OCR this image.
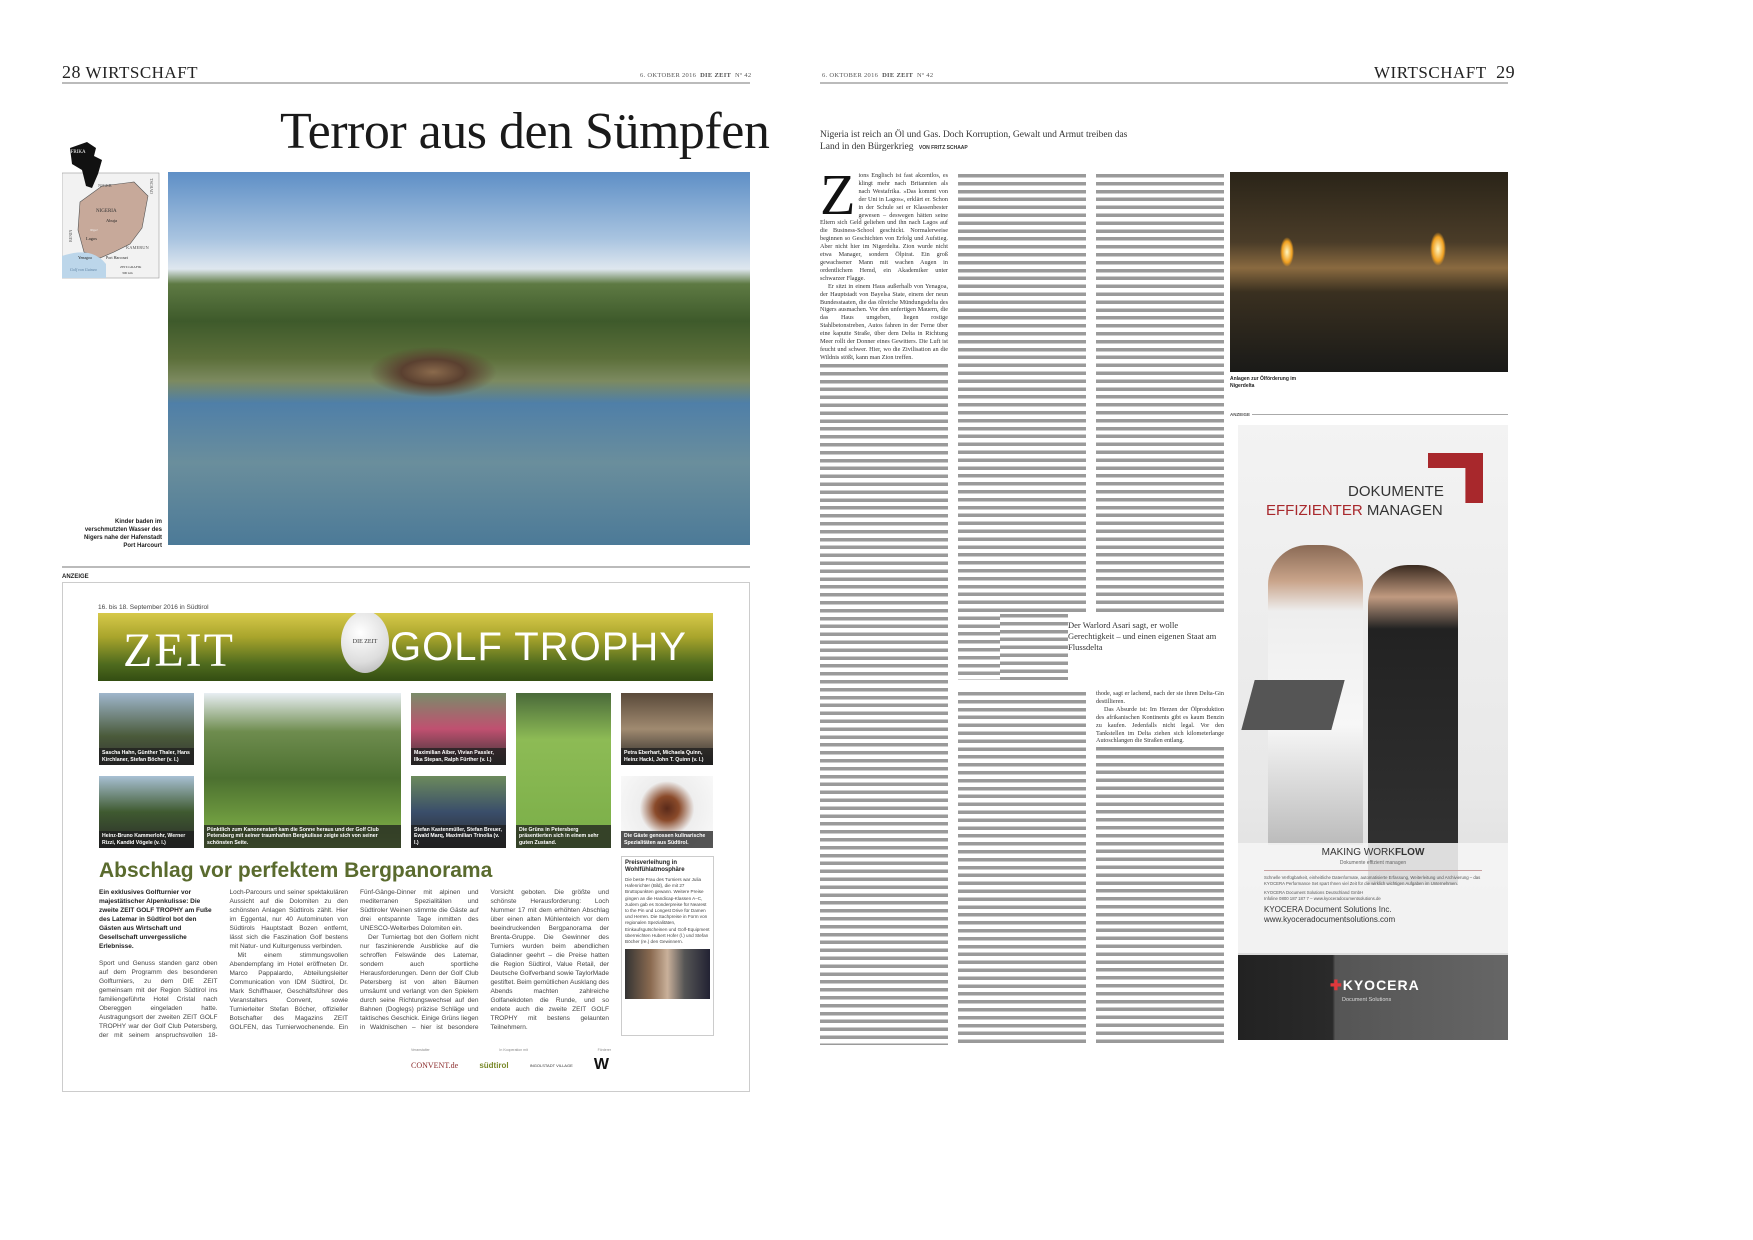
28 WIRTSCHAFT	6. OKTOBER 2016 DIE ZEIT Nº 42
Terror aus den Sümpfen
AFRIKA
NIGER	TSCHAD
BENIN
NIGERIA
Abuja
Niger
Lagos
KAMERUN
Yenagoa	Port Harcourt
Golf von Guinea	ZEIT-GRAFIK
300 km
Kinder baden im verschmutzten Wasser des Nigers nahe der Hafenstadt Port Harcourt
ANZEIGE
16. bis 18. September 2016 in Südtirol
ZEIT	DIE ZEIT GOLF TROPHY
Sascha Hahn, Günther Thaler, Hans Kirchlaner, Stefan Böcher (v. l.)
Heinz-Bruno Kammerlohr, Werner Rizzi, Kandid Vögele (v. l.)
Pünktlich zum Kanonenstart kam die Sonne heraus und der Golf Club Petersberg mit seiner traumhaften Bergkulisse zeigte sich von seiner schönsten Seite.
Maximilian Aiber, Vivian Passler, Ilka Stepan, Ralph Fürther (v. l.)
Stefan Kastenmüller, Stefan Breuer, Ewald Marq, Maximilian Trinolia (v. l.)
Die Grüns in Petersberg präsentierten sich in einem sehr guten Zustand.
Petra Eberhart, Michaela Quinn, Heinz Hackl, John T. Quinn (v. l.)
Die Gäste genossen kulinarische Spezialitäten aus Südtirol.
Abschlag vor perfektem Bergpanorama

Ein exklusives Golfturnier vor majestätischer Alpenkulisse: Die zweite ZEIT GOLF TROPHY am Fuße des Latemar in Südtirol bot den Gästen aus Wirtschaft und Gesellschaft unvergessliche Erlebnisse.

Sport und Genuss standen ganz oben auf dem Programm des besonderen Golfturniers, zu dem DIE ZEIT gemeinsam mit der Region Südtirol ins familiengeführte Hotel Cristal nach Obereggen eingeladen hatte. Austragungsort der zweiten ZEIT GOLF TROPHY war der Golf Club Petersberg, der mit seinem anspruchsvollen 18-Loch-Parcours und seiner spektakulären Aussicht auf die Dolomiten zu den schönsten Anlagen Südtirols zählt. Hier im Eggental, nur 40 Autominuten von Südtirols Hauptstadt Bozen entfernt, lässt sich die Faszination Golf bestens mit Natur- und Kulturgenuss verbinden.

Mit einem stimmungsvollen Abendempfang im Hotel eröffneten Dr. Marco Pappalardo, Abteilungsleiter Communication von IDM Südtirol, Dr. Mark Schiffhauer, Geschäftsführer des Veranstalters Convent, sowie Turnierleiter Stefan Böcher, offizieller Botschafter des Magazins ZEIT GOLFEN, das Turnierwochenende. Ein Fünf-Gänge-Dinner mit alpinen und mediterranen Spezialitäten und Südtiroler Weinen stimmte die Gäste auf drei entspannte Tage inmitten des UNESCO-Welterbes Dolomiten ein.

Der Turniertag bot den Golfern nicht nur faszinierende Ausblicke auf die schroffen Felswände des Latemar, sondern auch sportliche Herausforderungen. Denn der Golf Club Petersberg ist von alten Bäumen umsäumt und verlangt von den Spielern durch seine Richtungswechsel auf den Bahnen (Doglegs) präzise Schläge und taktisches Geschick. Einige Grüns liegen in Waldnischen – hier ist besondere Vorsicht geboten. Die größte und schönste Herausforderung: Loch Nummer 17 mit dem erhöhten Abschlag über einen alten Mühlenteich vor dem beeindruckenden Bergpanorama der Brenta-Gruppe. Die Gewinner des Turniers wurden beim abendlichen Galadinner geehrt – die Preise hatten die Region Südtirol, Value Retail, der Deutsche Golfverband sowie TaylorMade gestiftet. Beim gemütlichen Ausklang des Abends machten zahlreiche Golfanekdoten die Runde, und so endete auch die zweite ZEIT GOLF TROPHY mit bestens gelaunten Teilnehmern.

Veranstalter	In Kooperation mit	Förderer
CONVENT.de	südtirol	INGOLSTADT VILLAGE W
Preisverleihung in Wohlfühlatmosphäre
Die beste Frau des Turniers war Julia Hafenrichter (Bild), die mit 27 Bruttopunkten gewann. Weitere Preise gingen an die Handicap-Klassen A–C, zudem gab es Sonderpreise für Nearest to the Pin und Longest Drive für Damen und Herren. Die Sachpreise in Form von regionalen Spezialitäten, Einkaufsgutscheinen und Golf-Equipment überreichten Hubert Hofer (l.) und Stefan Böcher (re.) den Gewinnern.
6. OKTOBER 2016 DIE ZEIT Nº 42	WIRTSCHAFT 29
Nigeria ist reich an Öl und Gas. Doch Korruption, Gewalt und Armut treiben das Land in den Bürgerkrieg VON FRITZ SCHAAP
Z ions Englisch ist fast akzentlos, es klingt mehr nach Britannien als nach Westafrika. »Das kommt von der Uni in Lagos«, erklärt er. Schon in der Schule sei er Klassenbester gewesen – deswegen hätten seine Eltern sich Geld geliehen und ihn nach Lagos auf die Business-School geschickt. Normalerweise beginnen so Geschichten von Erfolg und Aufstieg. Aber nicht hier im Nigerdelta. Zion wurde nicht etwa Manager, sondern Ölpirat. Ein groß gewachsener Mann mit wachen Augen in ordentlichem Hemd, ein Akademiker unter schwarzer Flagge.

Er sitzt in einem Haus außerhalb von Yenagoa, der Hauptstadt von Bayelsa State, einem der neun Bundesstaaten, die das ölreiche Mündungsdelta des Nigers ausmachen. Vor den unfertigen Mauern, die das Haus umgeben, liegen rostige Stahlbetonstreben, Autos fahren in der Ferne über eine kaputte Straße, über dem Delta in Richtung Meer rollt der Donner eines Gewitters. Die Luft ist feucht und schwer. Hier, wo die Zivilisation an die Wildnis stößt, kann man Zion treffen.

Der Warlord Asari sagt, er wolle Gerechtigkeit – und einen eigenen Staat am Flussdelta

thode, sagt er lachend, nach der sie ihren Delta-Gin destillieren.

Das Absurde ist: Im Herzen der Ölproduktion des afrikanischen Kontinents gibt es kaum Benzin zu kaufen. Jedenfalls nicht legal. Vor den Tankstellen im Delta ziehen sich kilometerlange Autoschlangen die Straßen entlang.

Anlagen zur Ölförderung im Nigerdelta
ANZEIGE
DOKUMENTE
EFFIZIENTER MANAGEN
MAKING WORKFLOW
Dokumente effizient managen
Schnelle Verfügbarkeit, einheitliche Datenformate, automatisierte Erfassung, Weiterleitung und Archivierung – das KYOCERA Performance Set spart Ihnen viel Zeit für die wirklich wichtigen Aufgaben im Unternehmen.
KYOCERA Document Solutions Deutschland GmbH
Infoline 0800 187 187 7 – www.kyoceradocumentsolutions.de
KYOCERA Document Solutions Inc.
www.kyoceradocumentsolutions.com
✚KYOCERA
Document Solutions
